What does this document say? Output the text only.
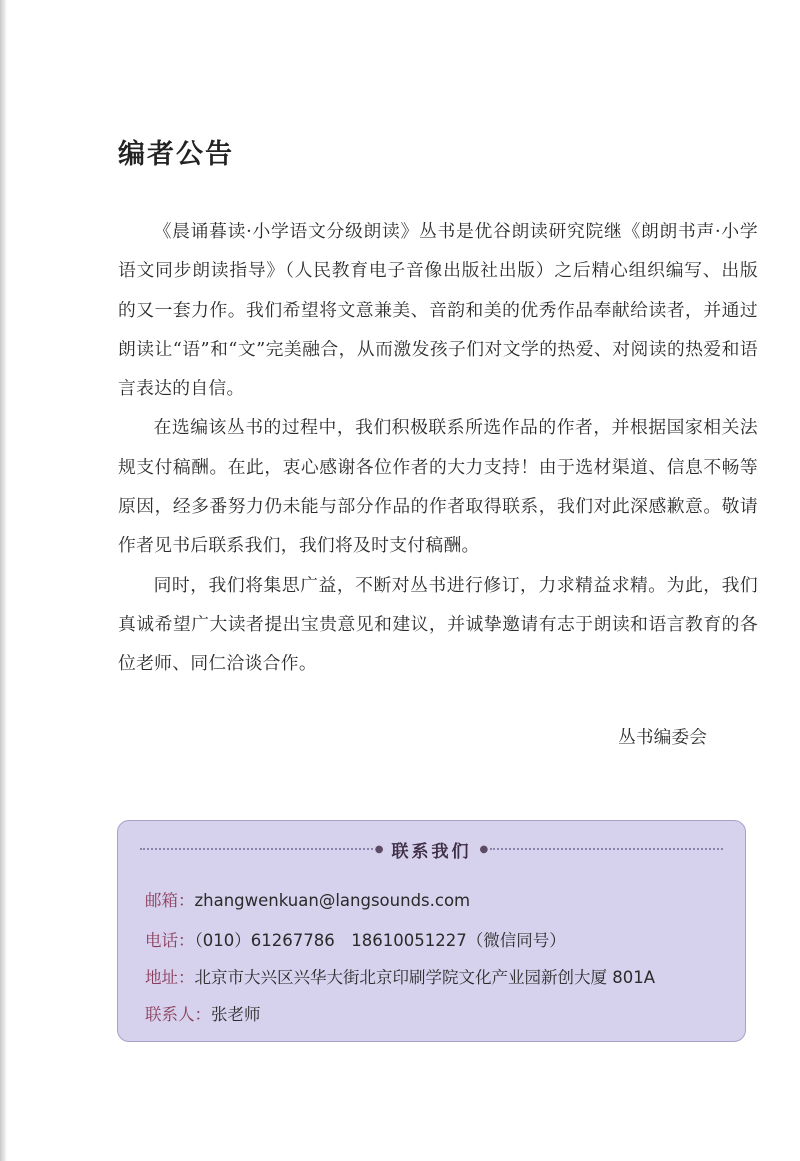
编者公告

《晨诵暮读·小学语文分级朗读》丛书是优谷朗读研究院继《朗朗书声·小学语文同步朗读指导》（人民教育电子音像出版社出版）之后精心组织编写、出版的又一套力作。我们希望将文意兼美、音韵和美的优秀作品奉献给读者，并通过朗读让“语”和“文”完美融合，从而激发孩子们对文学的热爱、对阅读的热爱和语言表达的自信。

在选编该丛书的过程中，我们积极联系所选作品的作者，并根据国家相关法规支付稿酬。在此，衷心感谢各位作者的大力支持！由于选材渠道、信息不畅等原因，经多番努力仍未能与部分作品的作者取得联系，我们对此深感歉意。敬请作者见书后联系我们，我们将及时支付稿酬。

同时，我们将集思广益，不断对丛书进行修订，力求精益求精。为此，我们真诚希望广大读者提出宝贵意见和建议，并诚挚邀请有志于朗读和语言教育的各位老师、同仁洽谈合作。

丛书编委会
● 联系我们 ●
邮箱：zhangwenkuan@langsounds.com
电话：（010）61267786　18610051227（微信同号）
地址：北京市大兴区兴华大街北京印刷学院文化产业园新创大厦 801A
联系人：张老师
